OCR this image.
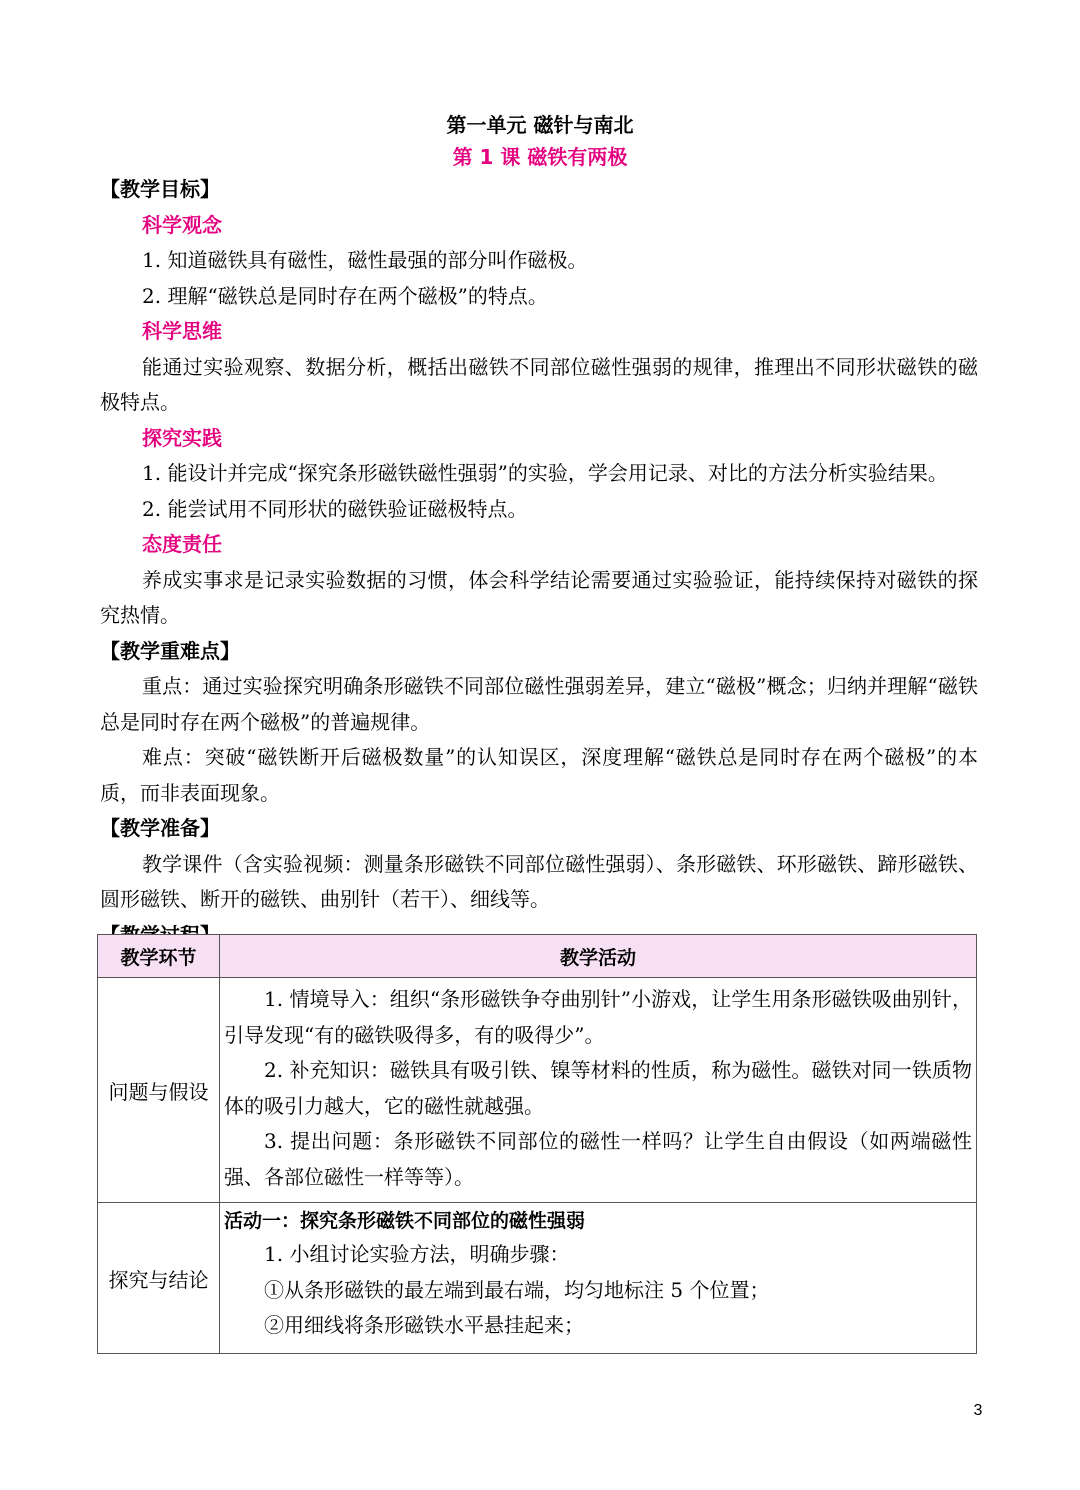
第一单元 磁针与南北
第 1 课 磁铁有两极
【教学目标】
科学观念

1. 知道磁铁具有磁性，磁性最强的部分叫作磁极。

2. 理解“磁铁总是同时存在两个磁极”的特点。

科学思维

能通过实验观察、数据分析，概括出磁铁不同部位磁性强弱的规律，推理出不同形状磁铁的磁极特点。

探究实践

1. 能设计并完成“探究条形磁铁磁性强弱”的实验，学会用记录、对比的方法分析实验结果。

2. 能尝试用不同形状的磁铁验证磁极特点。

态度责任

养成实事求是记录实验数据的习惯，体会科学结论需要通过实验验证，能持续保持对磁铁的探究热情。

【教学重难点】

重点：通过实验探究明确条形磁铁不同部位磁性强弱差异，建立“磁极”概念；归纳并理解“磁铁总是同时存在两个磁极”的普遍规律。

难点：突破“磁铁断开后磁极数量”的认知误区，深度理解“磁铁总是同时存在两个磁极”的本质，而非表面现象。

【教学准备】

教学课件（含实验视频：测量条形磁铁不同部位磁性强弱）、条形磁铁、环形磁铁、蹄形磁铁、圆形磁铁、断开的磁铁、曲别针（若干）、细线等。

教学环节	教学活动
问题与假设	1. 情境导入：组织“条形磁铁争夺曲别针”小游戏，让学生用条形磁铁吸曲别针，引导发现“有的磁铁吸得多，有的吸得少”。

2. 补充知识：磁铁具有吸引铁、镍等材料的性质，称为磁性。磁铁对同一铁质物体的吸引力越大，它的磁性就越强。

3. 提出问题：条形磁铁不同部位的磁性一样吗？让学生自由假设（如两端磁性强、各部位磁性一样等等）。

探究与结论	活动一：探究条形磁铁不同部位的磁性强弱

1. 小组讨论实验方法，明确步骤：

①从条形磁铁的最左端到最右端，均匀地标注 5 个位置；

②用细线将条形磁铁水平悬挂起来；

3
